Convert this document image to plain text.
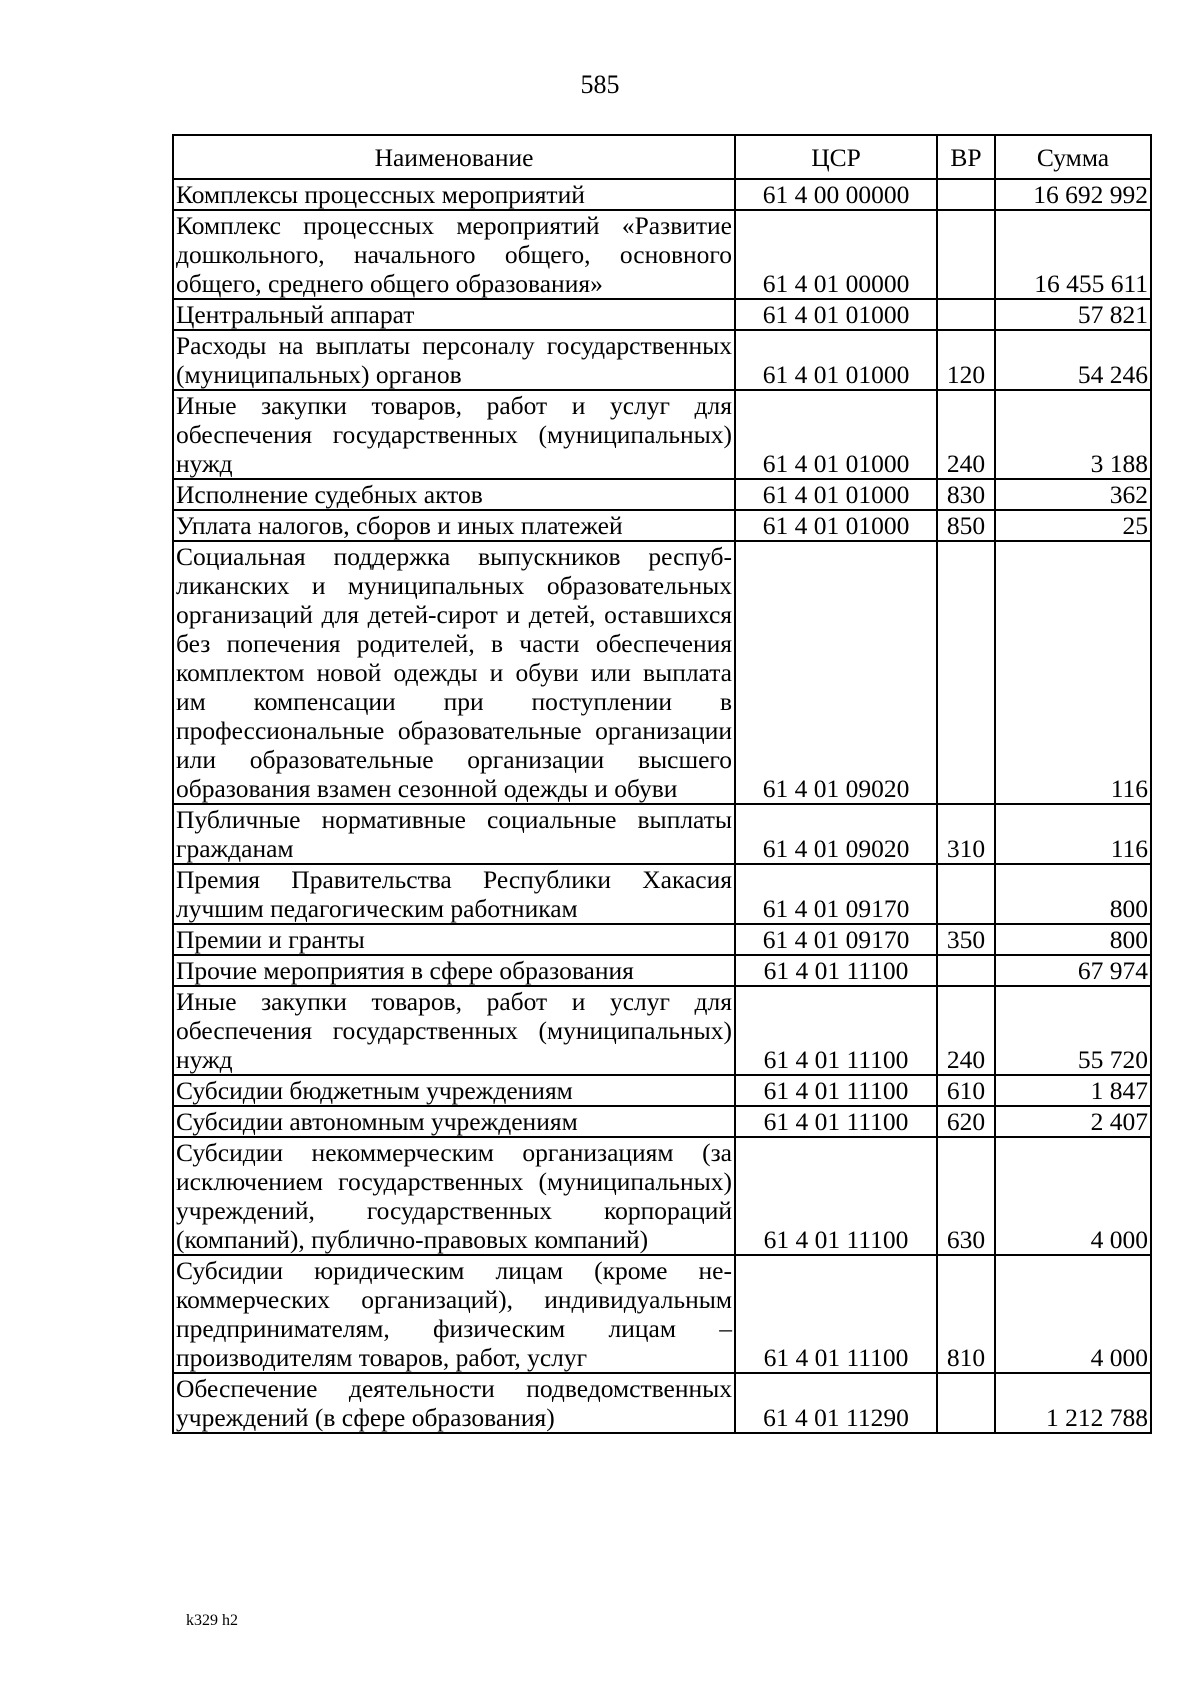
585
Наименование	ЦСР	ВР	Сумма
Комплексы процессных мероприятий	61 4 00 00000		16 692 992
Комплекс процессных мероприятий «Развитие дошкольного, начального общего, основного общего, среднего общего образования»	61 4 01 00000		16 455 611
Центральный аппарат	61 4 01 01000		57 821
Расходы на выплаты персоналу государственных (муниципальных) органов	61 4 01 01000	120	54 246
Иные закупки товаров, работ и услуг для обеспечения государственных (муниципальных) нужд	61 4 01 01000	240	3 188
Исполнение судебных актов	61 4 01 01000	830	362
Уплата налогов, сборов и иных платежей	61 4 01 01000	850	25
Социальная поддержка выпускников республиканских и муниципальных образовательных организаций для детей-сирот и детей, оставшихся без попечения родителей, в части обеспечения комплектом новой одежды и обуви или выплата им компенсации при поступлении в профессиональные образовательные организации или образовательные организации высшего образования взамен сезонной одежды и обуви	61 4 01 09020		116
Публичные нормативные социальные выплаты гражданам	61 4 01 09020	310	116
Премия Правительства Республики Хакасия лучшим педагогическим работникам	61 4 01 09170		800
Премии и гранты	61 4 01 09170	350	800
Прочие мероприятия в сфере образования	61 4 01 11100		67 974
Иные закупки товаров, работ и услуг для обеспечения государственных (муниципальных) нужд	61 4 01 11100	240	55 720
Субсидии бюджетным учреждениям	61 4 01 11100	610	1 847
Субсидии автономным учреждениям	61 4 01 11100	620	2 407
Субсидии некоммерческим организациям (за исключением государственных (муниципальных) учреждений, государственных корпораций (компаний), публично-правовых компаний)	61 4 01 11100	630	4 000
Субсидии юридическим лицам (кроме некоммерческих организаций), индивидуальным предпринимателям, физическим лицам – производителям товаров, работ, услуг	61 4 01 11100	810	4 000
Обеспечение деятельности подведомственных учреждений (в сфере образования)	61 4 01 11290		1 212 788
k329 h2
